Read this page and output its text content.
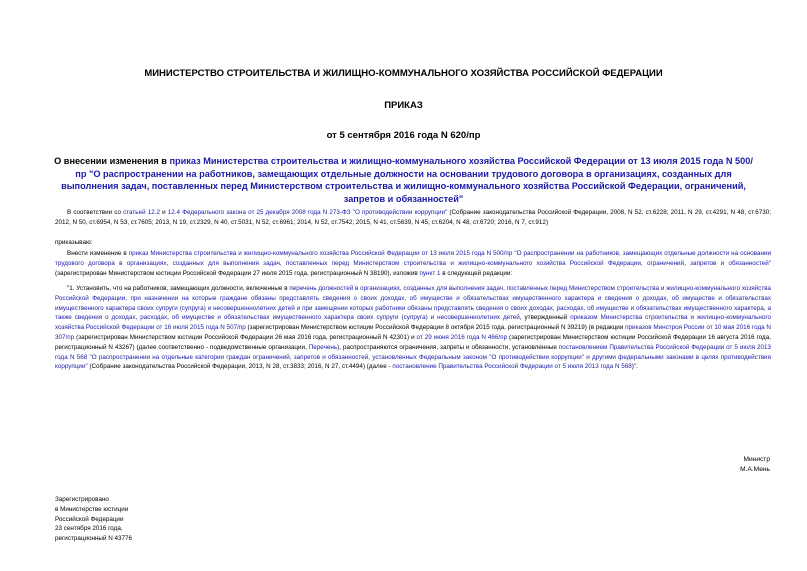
МИНИСТЕРСТВО СТРОИТЕЛЬСТВА И ЖИЛИЩНО-КОММУНАЛЬНОГО ХОЗЯЙСТВА РОССИЙСКОЙ ФЕДЕРАЦИИ
ПРИКАЗ
от 5 сентября 2016 года N 620/пр
О внесении изменения в приказ Министерства строительства и жилищно-коммунального хозяйства Российской Федерации от 13 июля 2015 года N 500/пр "О распространении на работников, замещающих отдельные должности на основании трудового договора в организациях, созданных для выполнения задач, поставленных перед Министерством строительства и жилищно-коммунального хозяйства Российской Федерации, ограничений, запретов и обязанностей"
В соответствии со статьей 12.2 и 12.4 Федерального закона от 25 декабря 2008 года N 273-ФЗ "О противодействии коррупции" (Собрание законодательства Российской Федерации, 2008, N 52, ст.6228; 2011, N 29, ст.4291, N 48, ст.6730; 2012, N 50, ст.6954, N 53, ст.7605; 2013, N 19, ст.2329, N 40, ст.5031, N 52, ст.6961; 2014, N 52, ст.7542; 2015, N 41, ст.5639, N 45, ст.6204, N 48, ст.6720; 2016, N 7, ст.912)
приказываю:
Внести изменение в приказ Министерства строительства и жилищно-коммунального хозяйства Российской Федерации от 13 июля 2015 года N 500/пр "О распространении на работников, замещающих отдельные должности на основании трудового договора в организациях, созданных для выполнения задач, поставленных перед Министерством строительства и жилищно-коммунального хозяйства Российской Федерации, ограничений, запретов и обязанностей" (зарегистрирован Министерством юстиции Российской Федерации 27 июля 2015 года, регистрационный N 38190), изложив пункт 1 в следующей редакции:
"1. Установить, что на работников, замещающих должности, включенные в перечень должностей в организациях, созданных для выполнения задач, поставленных перед Министерством строительства и жилищно-коммунального хозяйства Российской Федерации, при назначении на которые граждане обязаны представлять сведения о своих доходах, об имуществе и обязательствах имущественного характера и сведения о доходах, об имуществе и обязательствах имущественного характера своих супруги (супруга) и несовершеннолетних детей и при замещении которых работники обязаны представлять сведения о своих доходах, расходах, об имуществе и обязательствах имущественного характера, а также сведения о доходах, расходах, об имуществе и обязательствах имущественного характера своих супруги (супруга) и несовершеннолетних детей, утвержденный приказом Министерства строительства и жилищно-коммунального хозяйства Российской Федерации от 16 июля 2015 года N 507/пр (зарегистрирован Министерством юстиции Российской Федерации 8 октября 2015 года, регистрационный N 39219) (в редакции приказов Минстроя России от 10 мая 2016 года N 307/пр (зарегистрирован Министерством юстиции Российской Федерации 26 мая 2016 года, регистрационный N 42301) и от 29 июня 2016 года N 466/пр (зарегистрирован Министерством юстиции Российской Федерации 16 августа 2016 года, регистрационный N 43267) (далее соответственно - подведомственные организации, Перечень), распространяются ограничения, запреты и обязанности, установленные постановлением Правительства Российской Федерации от 5 июля 2013 года N 568 "О распространении на отдельные категории граждан ограничений, запретов и обязанностей, установленных Федеральным законом "О противодействии коррупции" и другими федеральными законами в целях противодействия коррупции" (Собрание законодательства Российской Федерации, 2013, N 28, ст.3833; 2016, N 27, ст.4494) (далее - постановление Правительства Российской Федерации от 5 июля 2013 года N 568)".
Министр
М.А.Мень
Зарегистрировано
в Министерстве юстиции
Российской Федерации
23 сентября 2016 года,
регистрационный N 43776
